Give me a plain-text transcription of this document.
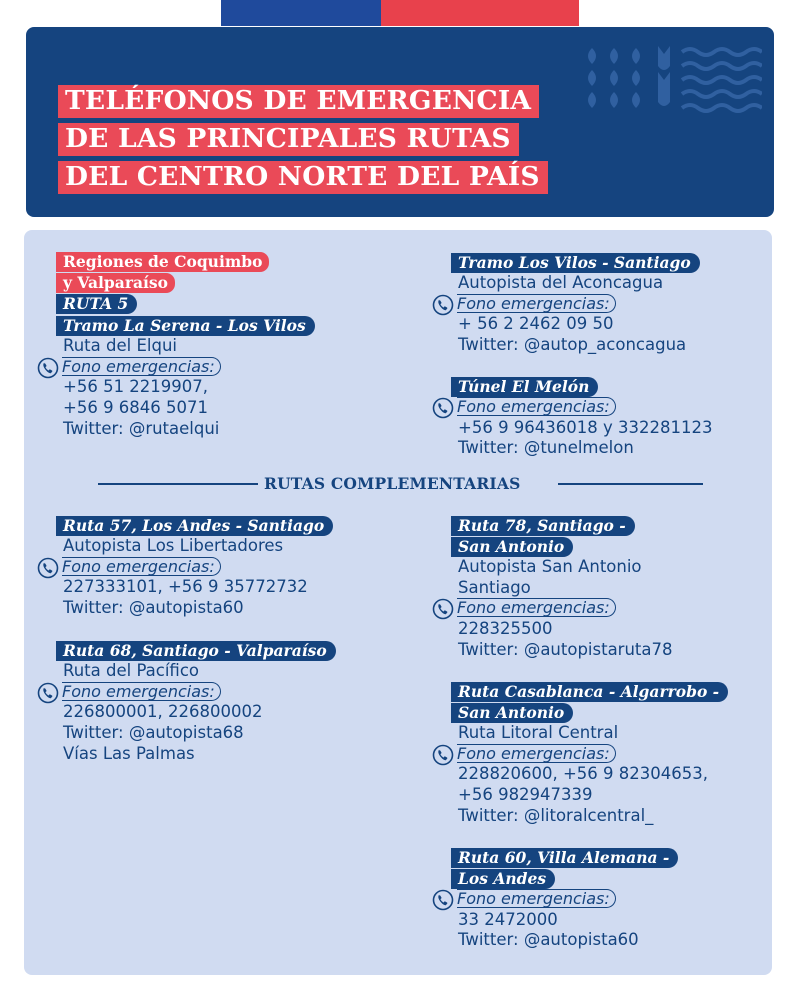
TELÉFONOS DE EMERGENCIA
DE LAS PRINCIPALES RUTAS
DEL CENTRO NORTE DEL PAÍS
Regiones de Coquimbo
y Valparaíso
RUTA 5
Tramo La Serena - Los Vilos
Ruta del Elqui
Fono emergencias:
+56 51 2219907,
+56 9 6846 5071
Twitter: @rutaelqui
Tramo Los Vilos - Santiago
Autopista del Aconcagua
Fono emergencias:
+ 56 2 2462 09 50
Twitter: @autop_aconcagua
Túnel El Melón
Fono emergencias:
+56 9 96436018 y 332281123
Twitter: @tunelmelon
RUTAS COMPLEMENTARIAS
Ruta 57, Los Andes - Santiago
Autopista Los Libertadores
Fono emergencias:
227333101, +56 9 35772732
Twitter: @autopista60
Ruta 68, Santiago - Valparaíso
Ruta del Pacífico
Fono emergencias:
226800001, 226800002
Twitter: @autopista68
Vías Las Palmas
Ruta 78, Santiago -
San Antonio
Autopista San Antonio
Santiago
Fono emergencias:
228325500
Twitter: @autopistaruta78
Ruta Casablanca - Algarrobo -
San Antonio
Ruta Litoral Central
Fono emergencias:
228820600, +56 9 82304653,
+56 982947339
Twitter: @litoralcentral_
Ruta 60, Villa Alemana -
Los Andes
Fono emergencias:
33 2472000
Twitter: @autopista60
